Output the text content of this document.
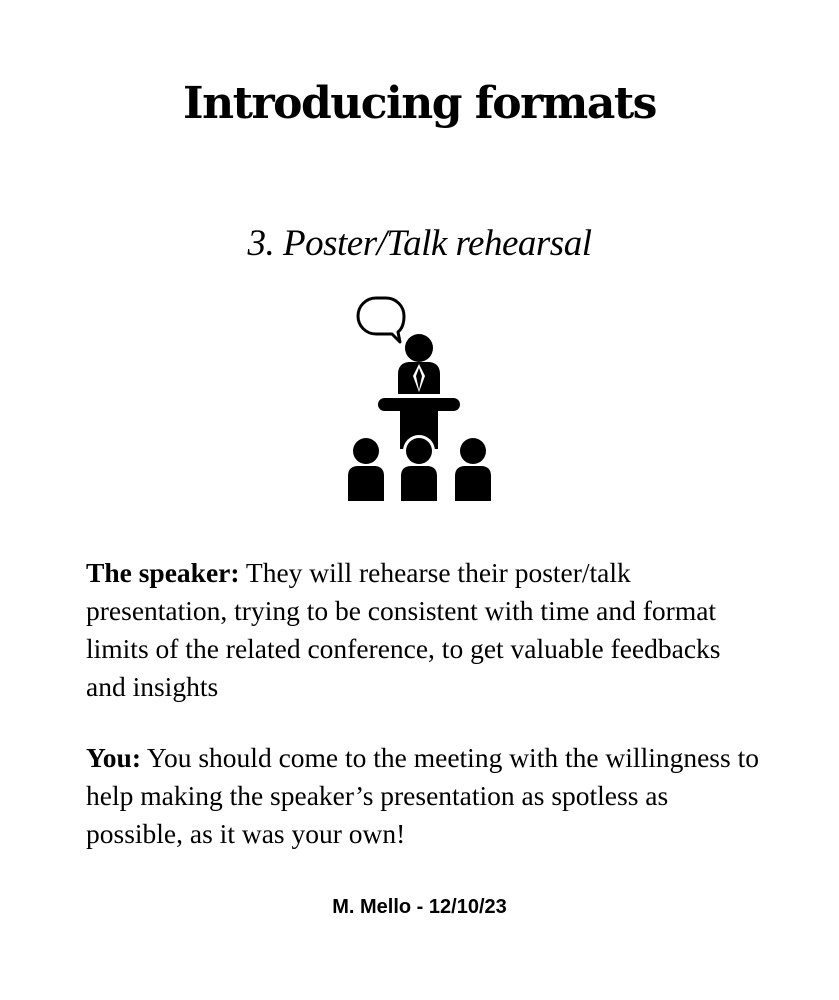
Introducing formats
3. Poster/Talk rehearsal

The speaker: They will rehearse their poster/talk presentation, trying to be consistent with time and format limits of the related conference, to get valuable feedbacks and insights

You: You should come to the meeting with the willingness to help making the speaker’s presentation as spotless as possible, as it was your own!

M. Mello - 12/10/23
